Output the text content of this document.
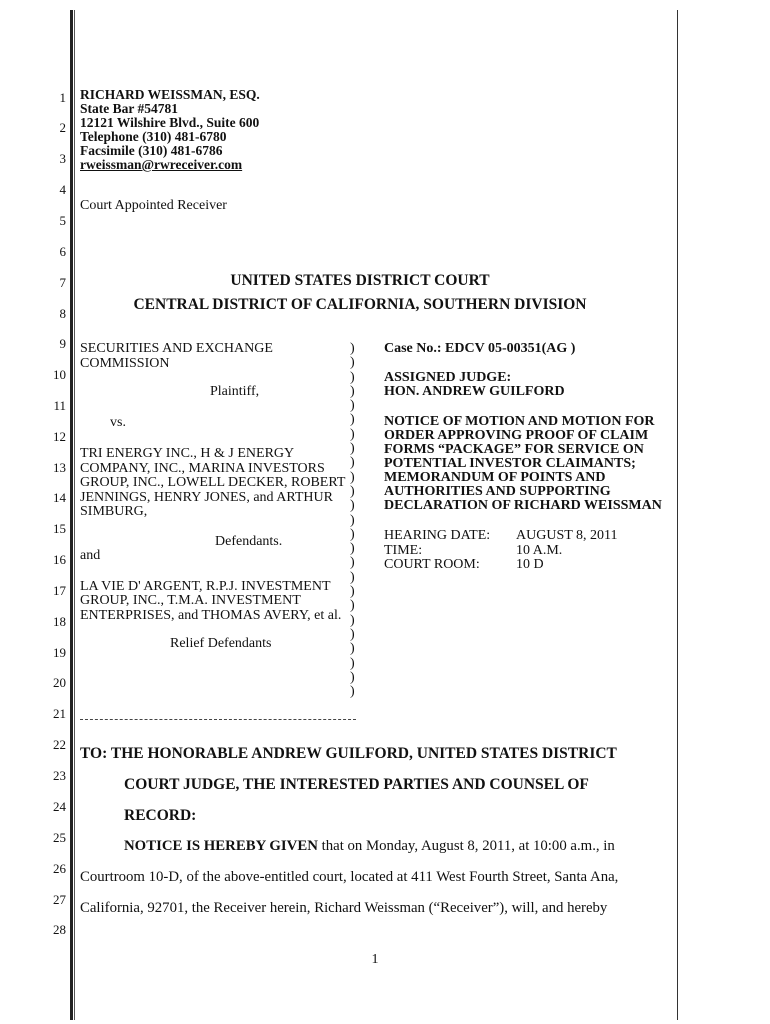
1
2
3
4
5
6
7
8
9
10
11
12
13
14
15
16
17
18
19
20
21
22
23
24
25
26
27
28
RICHARD WEISSMAN, ESQ.
State Bar #54781
12121 Wilshire Blvd., Suite 600
Telephone (310) 481-6780
Facsimile (310) 481-6786
rweissman@rwreceiver.com
Court Appointed Receiver
UNITED STATES DISTRICT COURT
CENTRAL DISTRICT OF CALIFORNIA, SOUTHERN DIVISION

SECURITIES AND EXCHANGE COMMISSION

Plaintiff,

vs.

TRI ENERGY INC., H & J ENERGY COMPANY, INC., MARINA INVESTORS GROUP, INC., LOWELL DECKER, ROBERT JENNINGS, HENRY JONES, and ARTHUR SIMBURG,

Defendants.

and

LA VIE D' ARGENT, R.P.J. INVESTMENT GROUP, INC., T.M.A. INVESTMENT ENTERPRISES, and THOMAS AVERY, et al.

Relief Defendants

)
)
)
)
)
)
)
)
)
)
)
)
)
)
)
)
)
)
)
)
)
)
)
)
)
Case No.: EDCV 05-00351(AG )
ASSIGNED JUDGE:
HON. ANDREW GUILFORD
NOTICE OF MOTION AND MOTION FOR ORDER APPROVING PROOF OF CLAIM FORMS “PACKAGE” FOR SERVICE ON POTENTIAL INVESTOR CLAIMANTS; MEMORANDUM OF POINTS AND AUTHORITIES AND SUPPORTING DECLARATION OF RICHARD WEISSMAN
HEARING DATE:	AUGUST 8, 2011
TIME:	10 A.M.
COURT ROOM:	10 D
TO: THE HONORABLE ANDREW GUILFORD, UNITED STATES DISTRICT
COURT JUDGE, THE INTERESTED PARTIES AND COUNSEL OF
RECORD:
NOTICE IS HEREBY GIVEN that on Monday, August 8, 2011, at 10:00 a.m., in
Courtroom 10-D, of the above-entitled court, located at 411 West Fourth Street, Santa Ana,
California, 92701, the Receiver herein, Richard Weissman (“Receiver”), will, and hereby
1
